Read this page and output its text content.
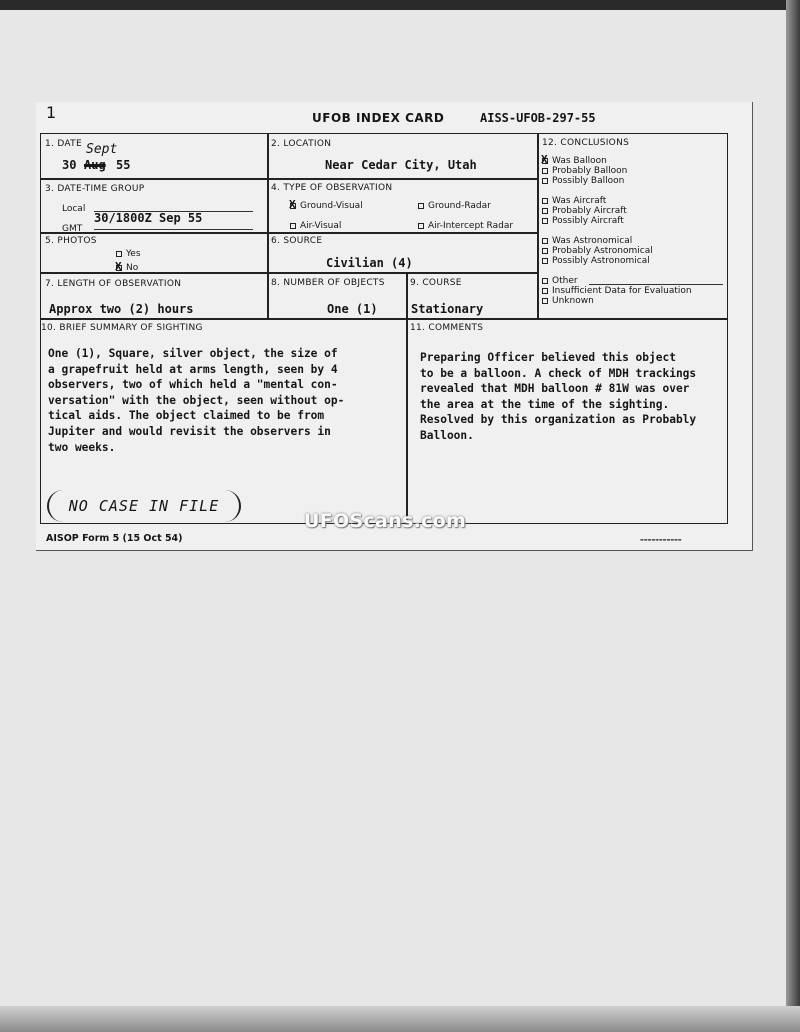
1	UFOB INDEX CARD	AISS-UFOB-297-55
1. DATE
30 Aug
Sept
55
2. LOCATION
Near Cedar City, Utah
3. DATE-TIME GROUP
Local
30/1800Z Sep 55
GMT
4. TYPE OF OBSERVATION
XGround-Visual	Ground-Radar
Air-Visual	Air-Intercept Radar
5. PHOTOS
Yes
XNo
6. SOURCE
Civilian (4)
7. LENGTH OF OBSERVATION
Approx two (2) hours
8. NUMBER OF OBJECTS
One (1)
9. COURSE
Stationary
12. CONCLUSIONS
XWas Balloon
Probably Balloon
Possibly Balloon
Was Aircraft
Probably Aircraft
Possibly Aircraft
Was Astronomical
Probably Astronomical
Possibly Astronomical
Other
Insufficient Data for Evaluation
Unknown
10. BRIEF SUMMARY OF SIGHTING
One (1), Square, silver object, the size of
a grapefruit held at arms length, seen by 4
observers, two of which held a "mental con-
versation" with the object, seen without op-
tical aids. The object claimed to be from
Jupiter and would revisit the observers in
two weeks.
NO CASE IN FILE
11. COMMENTS
Preparing Officer believed this object
to be a balloon. A check of MDH trackings
revealed that MDH balloon # 81W was over
the area at the time of the sighting.
Resolved by this organization as Probably
Balloon.
UFOScans.com
AISOP Form 5 (15 Oct 54)	▬▬▬▬▬▬▬▬▬▬▬
